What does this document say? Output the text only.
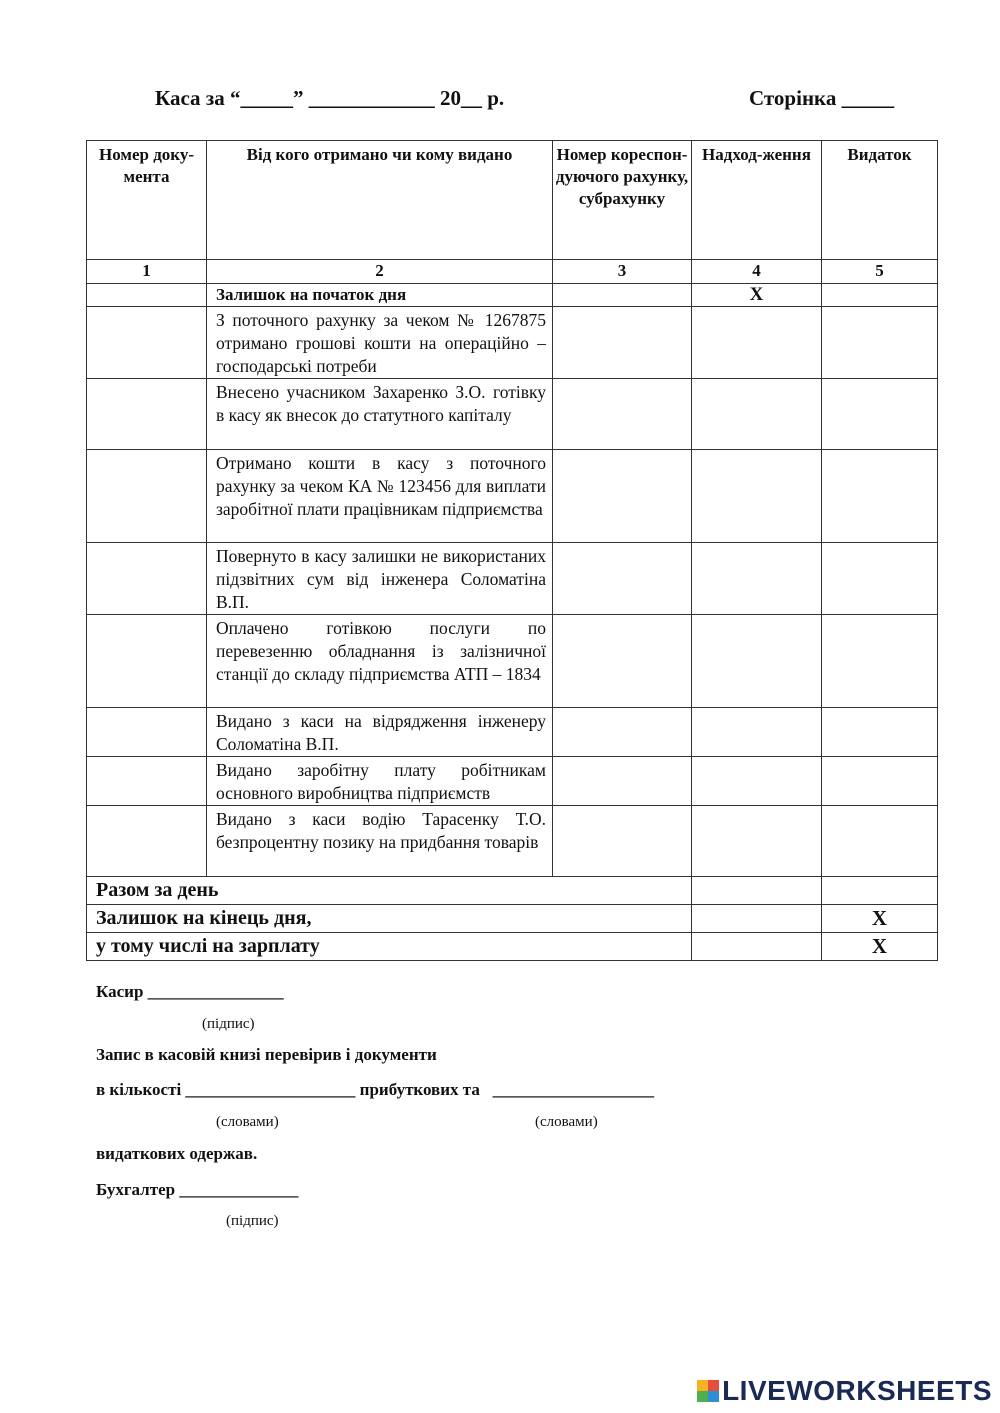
Каса за “_____” ____________ 20__ р.	Сторінка _____
Номер доку-мента	Від кого отримано чи кому видано	Номер кореспон-дуючого рахунку, субрахунку	Надход-ження	Видаток
1	2	3	4	5
	Залишок на початок дня		Х	
	З поточного рахунку за чеком № 1267875 отримано грошові кошти на операційно – господарські потреби			
	Внесено учасником Захаренко З.О. готівку в касу як внесок до статутного капіталу			
	Отримано кошти в касу з поточного рахунку за чеком КА № 123456 для виплати заробітної плати працівникам підприємства			
	Повернуто в касу залишки не використаних підзвітних сум від інженера Соломатіна В.П.			
	Оплачено готівкою послуги по перевезенню обладнання із залізничної станції до складу підприємства АТП – 1834			
	Видано з каси на відрядження інженеру Соломатіна В.П.			
	Видано заробітну плату робітникам основного виробництва підприємств			
	Видано з каси водію Тарасенку Т.О. безпроцентну позику на придбання товарів			
Разом за день				
Залишок на кінець дня,				Х
у тому числі на зарплату				Х
Касир ________________
(підпис)
Запис в касовій книзі перевірив і документи
в кількості ____________________ прибуткових та   ___________________
(словами)	(словами)
видаткових одержав.
Бухгалтер ______________
(підпис)
LIVEWORKSHEETS
